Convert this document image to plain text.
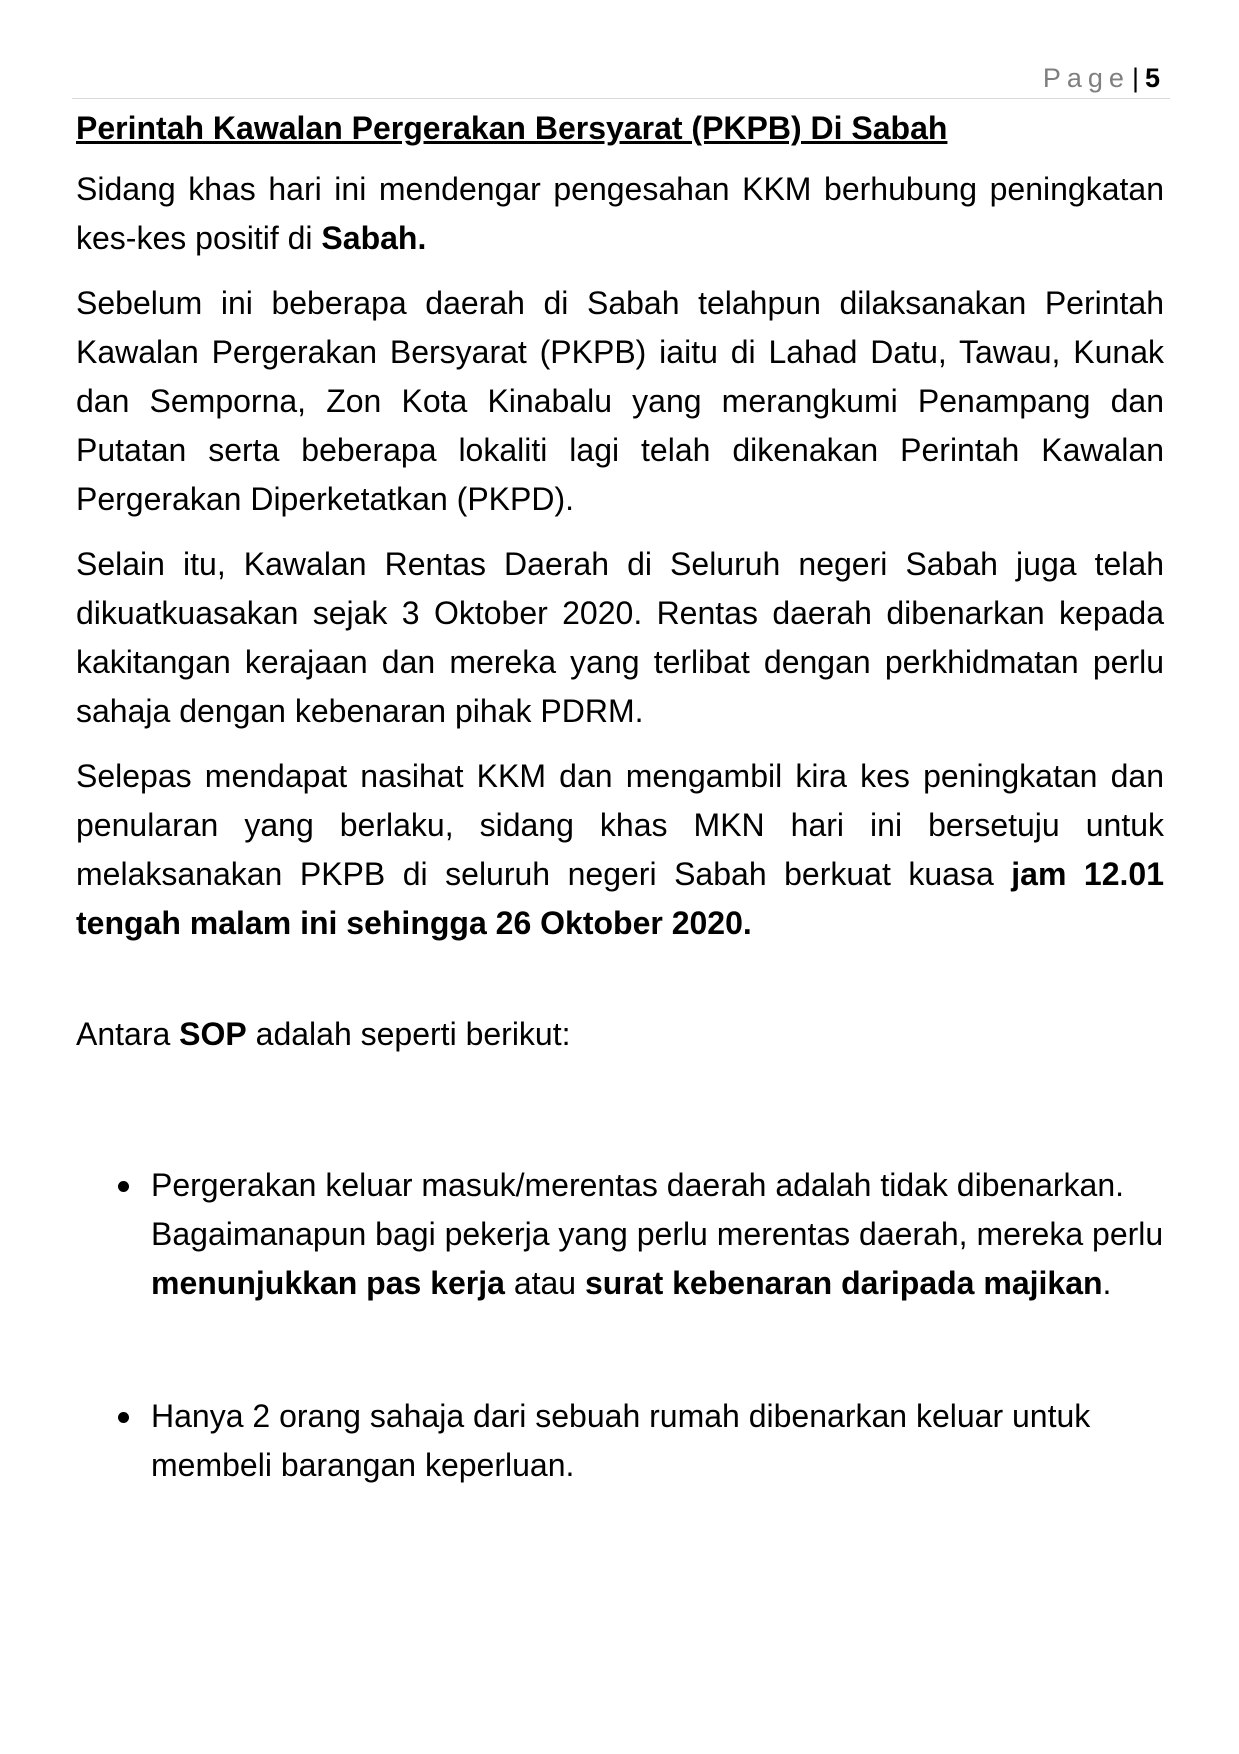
Page| 5
Perintah Kawalan Pergerakan Bersyarat (PKPB) Di Sabah

Sidang khas hari ini mendengar pengesahan KKM berhubung peningkatan kes-kes positif di Sabah.

Sebelum ini beberapa daerah di Sabah telahpun dilaksanakan Perintah Kawalan Pergerakan Bersyarat (PKPB) iaitu di Lahad Datu, Tawau, Kunak dan Semporna, Zon Kota Kinabalu yang merangkumi Penampang dan Putatan serta beberapa lokaliti lagi telah dikenakan Perintah Kawalan Pergerakan Diperketatkan (PKPD).

Selain itu, Kawalan Rentas Daerah di Seluruh negeri Sabah juga telah dikuatkuasakan sejak 3 Oktober 2020. Rentas daerah dibenarkan kepada kakitangan kerajaan dan mereka yang terlibat dengan perkhidmatan perlu sahaja dengan kebenaran pihak PDRM.

Selepas mendapat nasihat KKM dan mengambil kira kes peningkatan dan penularan yang berlaku, sidang khas MKN hari ini bersetuju untuk melaksanakan PKPB di seluruh negeri Sabah berkuat kuasa jam 12.01 tengah malam ini sehingga 26 Oktober 2020.

Antara SOP adalah seperti berikut:

Pergerakan keluar masuk/merentas daerah adalah tidak dibenarkan. Bagaimanapun bagi pekerja yang perlu merentas daerah, mereka perlu menunjukkan pas kerja atau surat kebenaran daripada majikan.
Hanya 2 orang sahaja dari sebuah rumah dibenarkan keluar untuk membeli barangan keperluan.
